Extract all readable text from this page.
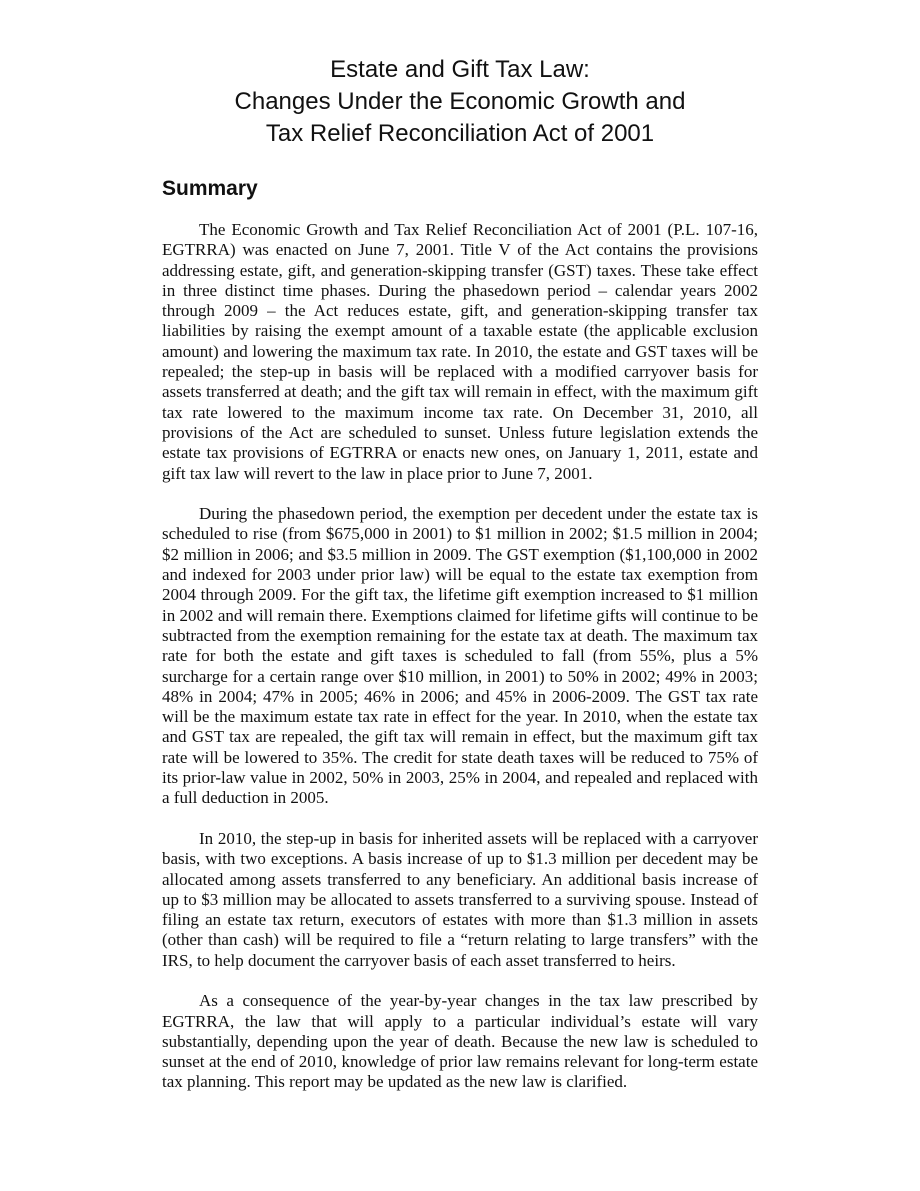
Estate and Gift Tax Law:
Changes Under the Economic Growth and
Tax Relief Reconciliation Act of 2001
Summary

The Economic Growth and Tax Relief Reconciliation Act of 2001 (P.L. 107-16, EGTRRA) was enacted on June 7, 2001. Title V of the Act contains the provisions addressing estate, gift, and generation-skipping transfer (GST) taxes. These take effect in three distinct time phases. During the phasedown period – calendar years 2002 through 2009 – the Act reduces estate, gift, and generation-skipping transfer tax liabilities by raising the exempt amount of a taxable estate (the applicable exclusion amount) and lowering the maximum tax rate. In 2010, the estate and GST taxes will be repealed; the step-up in basis will be replaced with a modified carryover basis for assets transferred at death; and the gift tax will remain in effect, with the maximum gift tax rate lowered to the maximum income tax rate. On December 31, 2010, all provisions of the Act are scheduled to sunset. Unless future legislation extends the estate tax provisions of EGTRRA or enacts new ones, on January 1, 2011, estate and gift tax law will revert to the law in place prior to June 7, 2001.

During the phasedown period, the exemption per decedent under the estate tax is scheduled to rise (from $675,000 in 2001) to $1 million in 2002; $1.5 million in 2004; $2 million in 2006; and $3.5 million in 2009. The GST exemption ($1,100,000 in 2002 and indexed for 2003 under prior law) will be equal to the estate tax exemption from 2004 through 2009. For the gift tax, the lifetime gift exemption increased to $1 million in 2002 and will remain there. Exemptions claimed for lifetime gifts will continue to be subtracted from the exemption remaining for the estate tax at death. The maximum tax rate for both the estate and gift taxes is scheduled to fall (from 55%, plus a 5% surcharge for a certain range over $10 million, in 2001) to 50% in 2002; 49% in 2003; 48% in 2004; 47% in 2005; 46% in 2006; and 45% in 2006-2009. The GST tax rate will be the maximum estate tax rate in effect for the year. In 2010, when the estate tax and GST tax are repealed, the gift tax will remain in effect, but the maximum gift tax rate will be lowered to 35%. The credit for state death taxes will be reduced to 75% of its prior-law value in 2002, 50% in 2003, 25% in 2004, and repealed and replaced with a full deduction in 2005.

In 2010, the step-up in basis for inherited assets will be replaced with a carryover basis, with two exceptions. A basis increase of up to $1.3 million per decedent may be allocated among assets transferred to any beneficiary. An additional basis increase of up to $3 million may be allocated to assets transferred to a surviving spouse. Instead of filing an estate tax return, executors of estates with more than $1.3 million in assets (other than cash) will be required to file a “return relating to large transfers” with the IRS, to help document the carryover basis of each asset transferred to heirs.

As a consequence of the year-by-year changes in the tax law prescribed by EGTRRA, the law that will apply to a particular individual’s estate will vary substantially, depending upon the year of death. Because the new law is scheduled to sunset at the end of 2010, knowledge of prior law remains relevant for long-term estate tax planning. This report may be updated as the new law is clarified.
